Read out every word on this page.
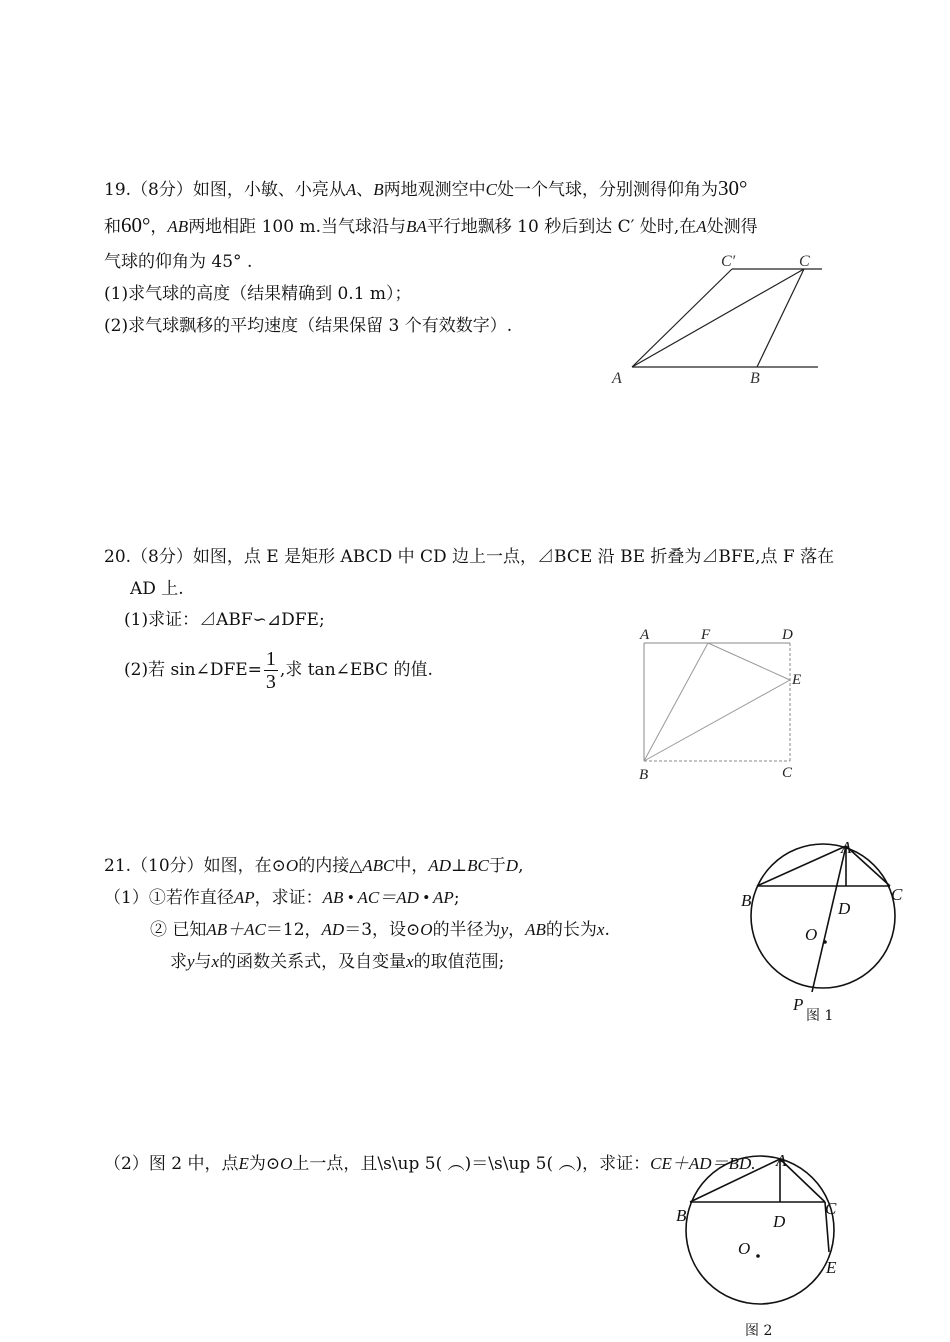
19.（8分）如图，小敏、小亮从A、B两地观测空中C处一个气球，分别测得仰角为30°
和60°，AB两地相距 100 m.当气球沿与BA平行地飘移 10 秒后到达 C′ 处时,在A处测得
气球的仰角为 45° .
(1)求气球的高度（结果精确到 0.1 m）；
(2)求气球飘移的平均速度（结果保留 3 个有效数字）.
20.（8分）如图，点 E 是矩形 ABCD 中 CD 边上一点，⊿BCE 沿 BE 折叠为⊿BFE,点 F 落在
AD 上.
(1)求证：⊿ABF∽⊿DFE;
(2)若 sin∠DFE= $\frac{1}{3}$ ,求 tan∠EBC 的值.
21.（10分）如图，在⊙O的内接△ABC中，AD⊥BC于D,
（1）①若作直径AP，求证：AB • AC＝AD • AP;
② 已知AB＋AC＝12，AD＝3，设⊙O的半径为y，AB的长为x.
求y与x的函数关系式，及自变量x的取值范围;
（2）图 2 中，点E为⊙O上一点，且\s\up 5( ︵)＝\s\up 5( ︵)，求证：CE＋AD＝BD.
C′	C
A	B
A	F	D
E
B	C
A
B	C
D
O
P
图 1
A
B	C
D
O
E
图 2
